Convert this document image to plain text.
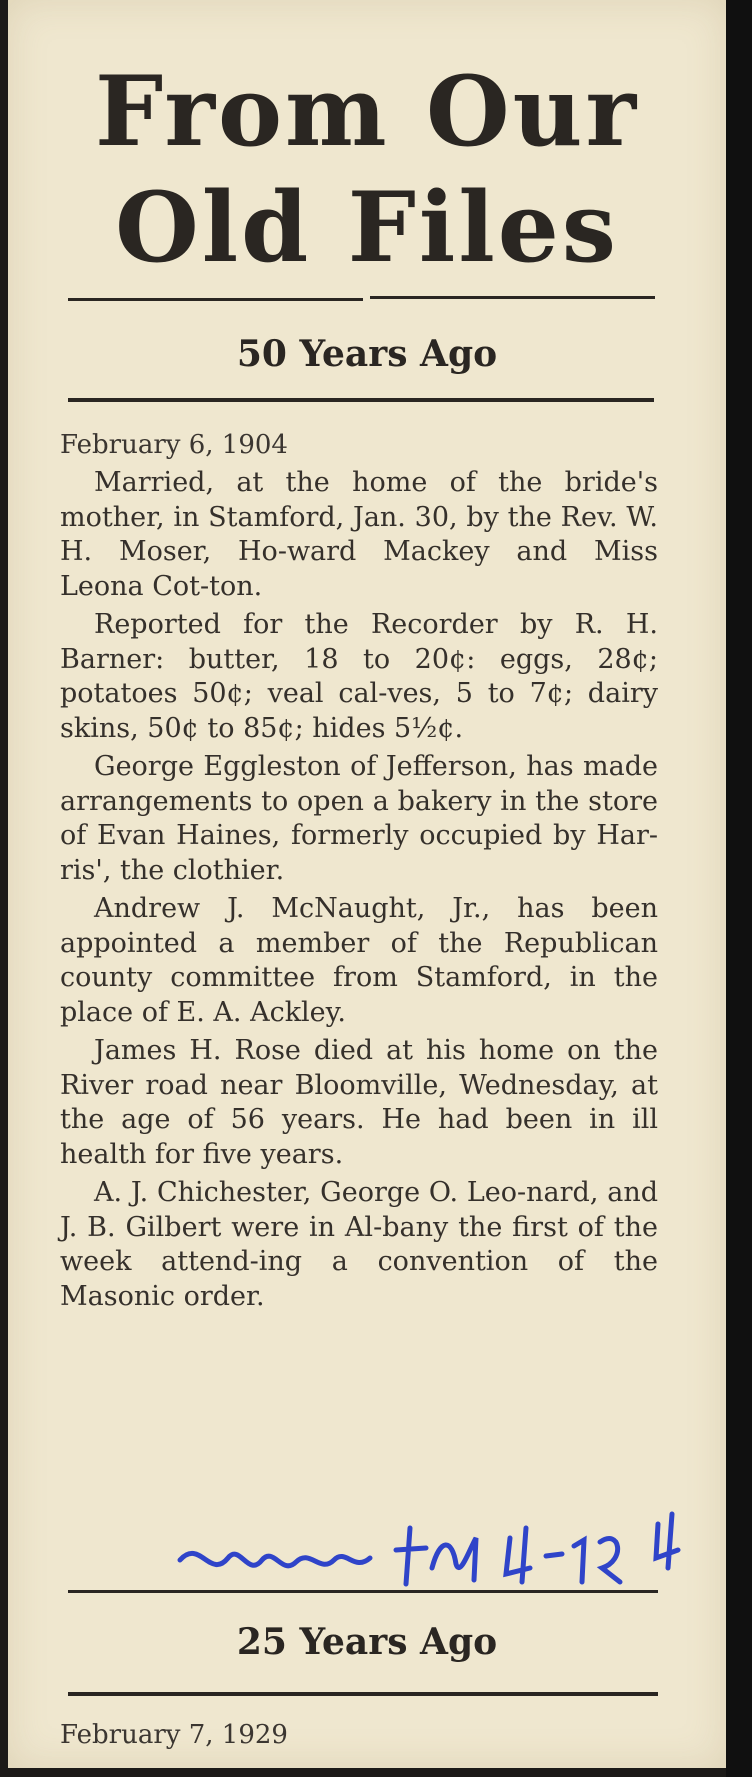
From Our
Old Files
50 Years Ago
February 6, 1904

Married, at the home of the bride's mother, in Stamford, Jan. 30, by the Rev. W. H. Moser, Ho-ward Mackey and Miss Leona Cot-ton.

Reported for the Recorder by R. H. Barner: butter, 18 to 20¢: eggs, 28¢; potatoes 50¢; veal cal-ves, 5 to 7¢; dairy skins, 50¢ to 85¢; hides 5½¢.

George Eggleston of Jefferson, has made arrangements to open a bakery in the store of Evan Haines, formerly occupied by Har-ris', the clothier.

Andrew J. McNaught, Jr., has been appointed a member of the Republican county committee from Stamford, in the place of E. A. Ackley.

James H. Rose died at his home on the River road near Bloomville, Wednesday, at the age of 56 years. He had been in ill health for five years.

A. J. Chichester, George O. Leo-nard, and J. B. Gilbert were in Al-bany the first of the week attend-ing a convention of the Masonic order.

25 Years Ago
February 7, 1929
